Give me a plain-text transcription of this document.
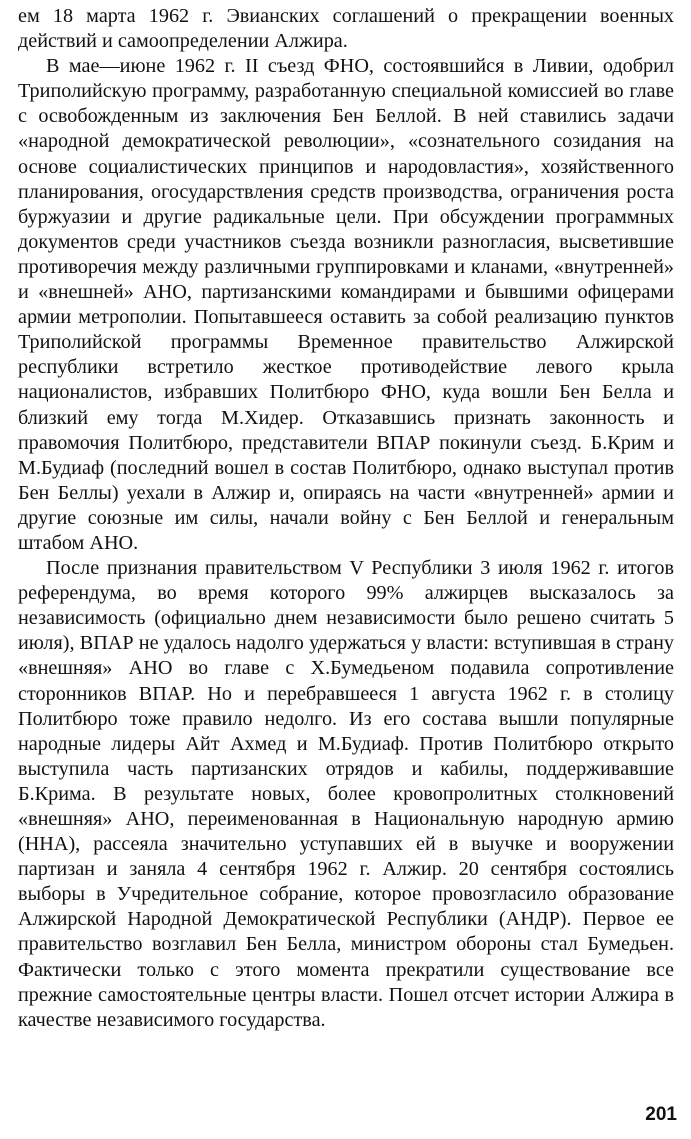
ем 18 марта 1962 г. Эвианских соглашений о прекращении военных действий и самоопределении Алжира.

В мае—июне 1962 г. II съезд ФНО, состоявшийся в Ливии, одобрил Триполийскую программу, разработанную специальной комиссией во главе с освобожденным из заключения Бен Беллой. В ней ставились задачи «народной демократической революции», «сознательного созидания на основе социалистических принципов и народовластия», хозяйственного планирования, огосударствления средств производства, ограничения роста буржуазии и другие радикальные цели. При обсуждении программных документов среди участников съезда возникли разногласия, высветившие противоречия между различными группировками и кланами, «внутренней» и «внешней» АНО, партизанскими командирами и бывшими офицерами армии метрополии. Попытавшееся оставить за собой реализацию пунктов Триполийской программы Временное правительство Алжирской республики встретило жесткое противодействие левого крыла националистов, избравших Политбюро ФНО, куда вошли Бен Белла и близкий ему тогда М.Хидер. Отказавшись признать законность и правомочия Политбюро, представители ВПАР покинули съезд. Б.Крим и М.Будиаф (последний вошел в состав Политбюро, однако выступал против Бен Беллы) уехали в Алжир и, опираясь на части «внутренней» армии и другие союзные им силы, начали войну с Бен Беллой и генеральным штабом АНО.

После признания правительством V Республики 3 июля 1962 г. итогов референдума, во время которого 99% алжирцев высказалось за независимость (официально днем независимости было решено считать 5 июля), ВПАР не удалось надолго удержаться у власти: вступившая в страну «внешняя» АНО во главе с Х.Бумедьеном подавила сопротивление сторонников ВПАР. Но и перебравшееся 1 августа 1962 г. в столицу Политбюро тоже правило недолго. Из его состава вышли популярные народные лидеры Айт Ахмед и М.Будиаф. Против Политбюро открыто выступила часть партизанских отрядов и кабилы, поддерживавшие Б.Крима. В результате новых, более кровопролитных столкновений «внешняя» АНО, переименованная в Национальную народную армию (ННА), рассеяла значительно уступавших ей в выучке и вооружении партизан и заняла 4 сентября 1962 г. Алжир. 20 сентября состоялись выборы в Учредительное собрание, которое провозгласило образование Алжирской Народной Демократической Республики (АНДР). Первое ее правительство возглавил Бен Белла, министром обороны стал Бумедьен. Фактически только с этого момента прекратили существование все прежние самостоятельные центры власти. Пошел отсчет истории Алжира в качестве независимого государства.

201
